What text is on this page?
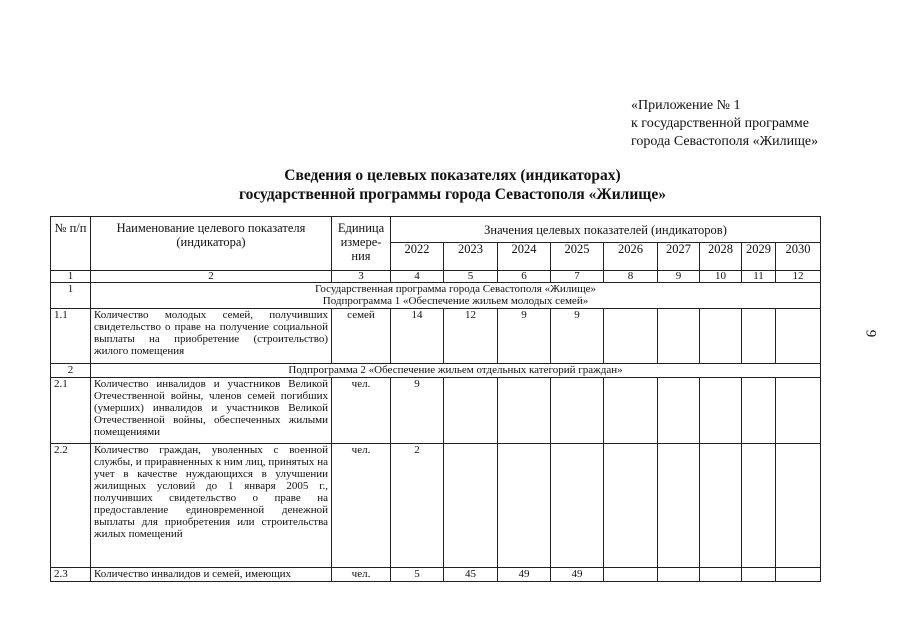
«Приложение № 1
к государственной программе
города Севастополя «Жилище»
Сведения о целевых показателях (индикаторах)
государственной программы города Севастополя «Жилище»
9
№ п/п	Наименование целевого показателя (индикатора)	Единица измере-ния	Значения целевых показателей (индикаторов)								
			2022	2023	2024	2025	2026	2027	2028	2029	2030
1	2	3	4	5	6	7	8	9	10	11	12
1	Государственная программа города Севастополя «Жилище»
Подпрограмма 1 «Обеспечение жильем молодых семей»										

1.1	Количество молодых семей, получивших свидетельство о праве на получение социальной выплаты на приобретение (строительство) жилого помещения	семей	14	12	9	9					
2	Подпрограмма 2 «Обеспечение жильем отдельных категорий граждан»										
2.1	Количество инвалидов и участников Великой Отечественной войны, членов семей погибших (умерших) инвалидов и участников Великой Отечественной войны, обеспеченных жилыми помещениями	чел.	9								
2.2	Количество граждан, уволенных с военной службы, и приравненных к ним лиц, принятых на учет в качестве нуждающихся в улучшении жилищных условий до 1 января 2005 г., получивших свидетельство о праве на предоставление единовременной денежной выплаты для приобретения или строительства жилых помещений	чел.	2								
2.3	Количество инвалидов и семей, имеющих	чел.	5	45	49	49					
